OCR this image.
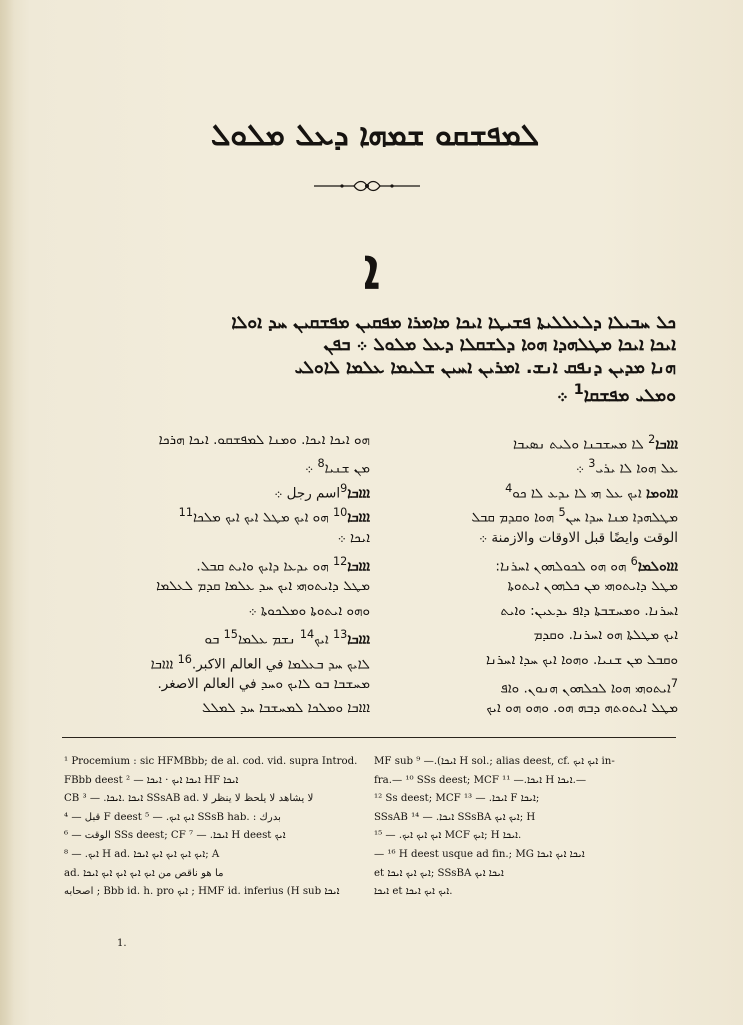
ܠܡܦܫܩܘ ܫܡܗܐ ܕܥܠ ܡܠܘܠ
ܐ
ܟܠ ܚܒܝܠܐ ܕܠܥܠܠܝܬܐ ܦܫܝܛܐ ܐܝܟܐ ܡܐܡܪܐ ܡܦܩܝܢ ܡܦܫܩܝܢ ܚܕ ܐܘܠܐ
ܐܝܟܐ ܐܝܟܐ ܡܛܠܗܕܐ ܗܘܐ ܕܠܫܩܠܐ ܕܥܠ ܡܠܘܠ ܀ ܒܦܢ
ܗܢܐ ܡܕܝܢ ܕܢܦܩ ܐܢܫ. ܐܡܪܝܢ ܐܚܝܢ ܫܠܝܡܐ ܥܠܡܐ ܠܐܘܠܝ
ܘܡܠܝ ܡܦܫܩܐ$^1$ ܀
ܐܐܐܒܐ$^2$ ܠܐ ܡܚܫܒܢܐ ܘܠܝܬ ܢܣܝܒܐ
ܥܠ ܗܘܐ ܠܐ ܝܪܝ$^3$ ܀
ܐܐܐܘܡܐ ܐܝܟ ܥܠ ܗܝ ܠܐ ܝܕܥ ܠܐ ܟܘ$^4$
ܡܛܠܗܕܐ ܡܢܐ ܚܕܐ ܚܢ$^5$ ܗܘܐ ܘܩܕܡ ܩܒܠ
الوقت وايضًا قبل الاوقات والازمنة ܀
ܐܐܐܘܠܡܐ$^6$ ܗܘ ܗܘ ܠܟܘܠܗܘܢ ܐܚܪܢܐ:
ܡܛܠ ܕܐܝܬܘܗܝ ܡܢ ܟܠܗܘܢ ܐܝܬܘܬܐ
ܐܚܪܢܐ. ܘܡܚܫܒܬܐ ܕܐܦ ܝܕܥܝܢ: ܘܐܝܬ
ܐܝܟ ܡܛܠܬܐ ܗܘ ܐܚܪܢܐ. ܘܩܕܡ
ܘܩܒܠ ܡܢ ܫܢܝܐ. ܘܗܘܐ ܐܝܟ ܚܕܐ ܐܚܪܢܐ
$^7$ܐܝܬܘܗܝ ܗܘܐ ܠܟܠܗܘܢ ܗܢܘܢ. ܘܐܦ
ܡܛܠ ܐܝܬܘܬܗ ܕܒܗ ܗܘ. ܘܗܘ ܗܘ ܐܝܟ
ܗܘ ܐܝܟܐ ܐܝܟܐ. ܘܡܢܐ ܠܡܦܫܩܘ. ܐܝܟܐ ܗܪܟܐ
ܡܢ ܫܢܝܐ$^8$ ܀
ܐܐܐܒܐ$^9$اسم رجل ܀
ܐܐܐܒܐ$^{10}$ ܗܘ ܐܝܟ ܡܛܠ ܐܝܟ ܐܝܟ ܡܠܟܐ$^{11}$
ܐܝܟܐ ܀
ܐܐܐܒܐ$^{12}$ ܗܘ ܝܕܥܐ ܕܐܝܟ ܘܐܝܬ ܩܒܠ.
ܡܛܠ ܕܐܝܬܘܗܝ ܐܝܟ ܚܕ ܥܠܡܐ ܩܕܡ ܠܥܠܡܐ
ܘܗܘ ܐܝܬܘܬܐ ܘܡܠܟܘܬܐ ܀
ܐܐܐܒܐ$^{13}$ ܐܝܟ$^{14}$ ܢܫܡ ܥܠܡܐ$^{15}$ ܒܘ
ܠܐܝܟ ܚܕ ܒܥܠܡܐ في العالم الاكبر.$^{16}$ ܐܐܐܒܐ
ܡܚܫܒܐ ܒܘ ܠܐܝܟ ܘܚܕ في العالم الاصغر.
ܐܐܐܒܐ ܘܡܠܟܐ ܠܡܚܫܒܐ ܚܕ ܠܡܠܠ
¹ Procemium : sic HFMBbb; de al. cod. vid. supra Introd.
FBbb deest ܐܝܟܐ ܐܝܟ · ܐܝܟܐ — ² HF ܐܝܟܐ
CB ܐܝܟܐ .ܐܝܟܐ. — ³ SSsAB ad. لا يشاهد لا يلحظ لا ينظر لا
قبل — ⁴ F deest ܐܝܟ ܐܝܟ. — ⁵ SSsB hab. : بدرك
الوقت — ⁶ SSs deest; CF ܐܝܟܐ. — ⁷ H deest ܐܝܟ
ܐܝܟ. — ⁸ H ad. ܐܝܟ ܐܝܟ ܐܝܟ ܐܝܟ ܐܝܟܐ; A
ad. ما هو ناقص من ܐܝܟ ܐܝܟ ܐܝܟ ܐܝܟ ܐܝܟܐ
اصحابه ; Bbb id. h. pro ܐܝܟ ; HMF id. inferius (H sub ܐܝܟܐ
MF sub ܐܝܟܐ).— ⁹ H sol.; alias deest, cf. ܐܝܟ ܐܝܟ in-
fra.— ¹⁰ SSs deest; MCF ܐܝܟܐ.— ¹¹ H ܐܝܟܐ.—
¹² Ss deest; MCF ܐܝܟܐ. — ¹³ F ܐܝܟܐ;
SSsAB ܐܝܟܐ. — ¹⁴ SSsBA ܐܝܟ ܐܝܟ; H
ܐܝܟ ܐܝܟ ܐܝܟ. — ¹⁵ MCF ܐܝܟ; H ܐܝܟܐ.
— ¹⁶ H deest usque ad fin.; MG ܐܝܟܐ ܐܝܟ ܐܝܟܐ
et ܐܝܟ ܐܝܟ ܐܝܟܐ; SSsBA ܐܝܟܐ ܐܝܟ
ܐܝܟܐ et ܐܝܟ ܐܝܟ ܐܝܟܐ.
1.
